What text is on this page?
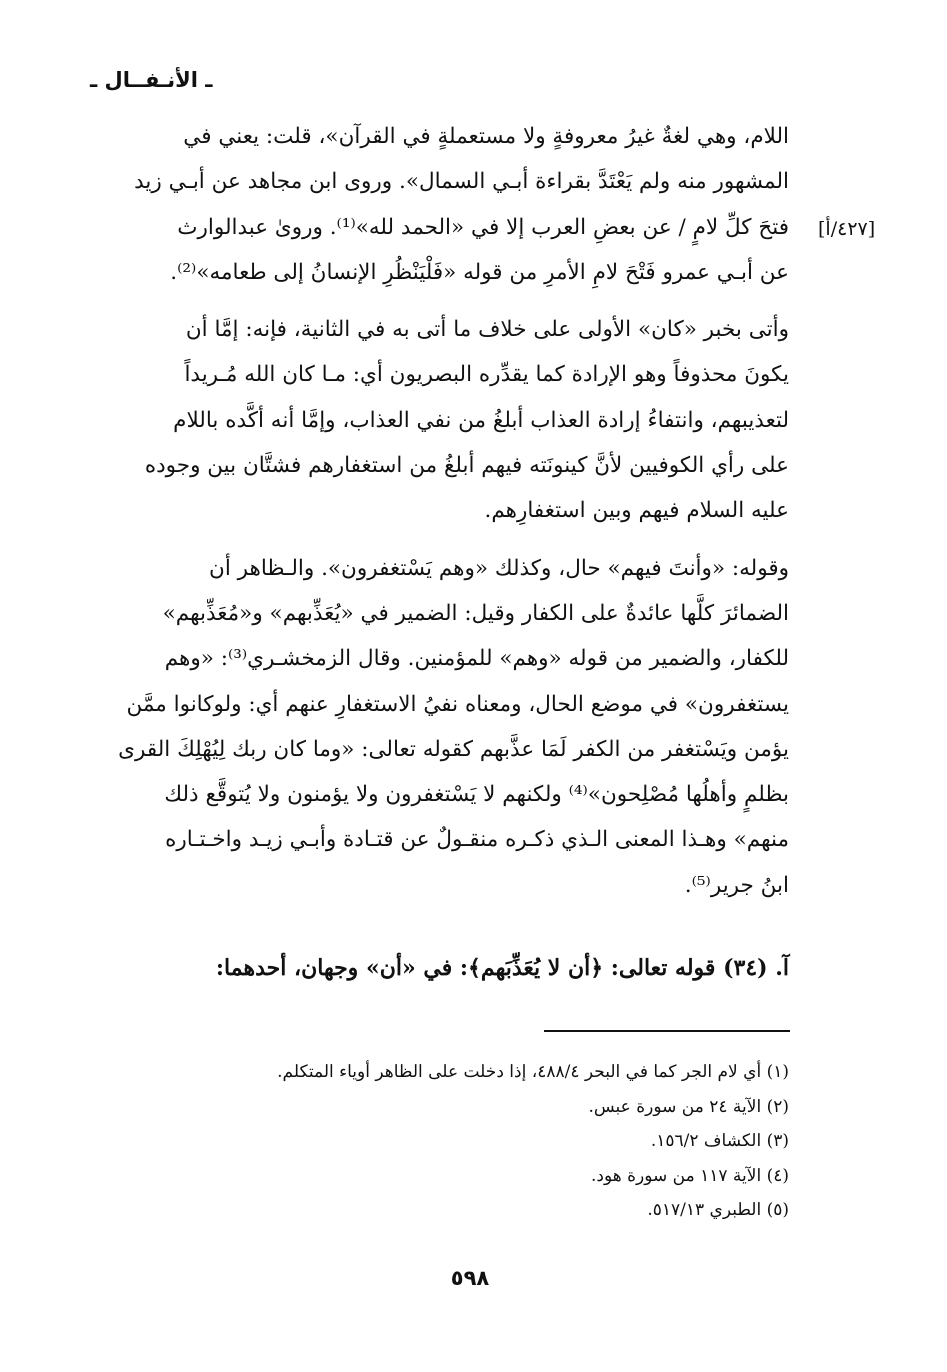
ـ الأنـفــال ـ
[٤٢٧/أ]
اللام، وهي لغةٌ غيرُ معروفةٍ ولا مستعملةٍ في القرآن»، قلت: يعني في
المشهور منه ولم يَعْتَدَّ بقراءة أبـي السمال». وروى ابن مجاهد عن أبـي زيد
فتحَ كلِّ لامٍ / عن بعضِ العرب إلا في «الحمد لله»⁽¹⁾. وروىٰ عبدالوارث
عن أبـي عمرو فَتْحَ لامِ الأمرِ من قوله «فَلْيَنْظُرِ الإنسانُ إلى طعامه»⁽²⁾.
وأتى بخبر «كان» الأولى على خلاف ما أتى به في الثانية، فإنه: إمَّا أن
يكونَ محذوفاً وهو الإرادة كما يقدِّره البصريون أي: مـا كان الله مُـريداً
لتعذيبهم، وانتفاءُ إرادة العذاب أبلغُ من نفي العذاب، وإمَّا أنه أكَّده باللام
على رأي الكوفيين لأنَّ كينونَته فيهم أبلغُ من استغفارهم فشتَّان بين وجوده
عليه السلام فيهم وبين استغفارِهم.
وقوله: «وأنتَ فيهم» حال، وكذلك «وهم يَسْتغفرون». والـظاهر أن
الضمائرَ كلَّها عائدةٌ على الكفار وقيل: الضمير في «يُعَذِّبهم» و«مُعَذِّبهم»
للكفار، والضمير من قوله «وهم» للمؤمنين. وقال الزمخشـري⁽³⁾: «وهم
يستغفرون» في موضع الحال، ومعناه نفيُ الاستغفارِ عنهم أي: ولوكانوا ممَّن
يؤمن ويَسْتغفر من الكفر لَمَا عذَّبهم كقوله تعالى: «وما كان ربك لِيُهْلِكَ القرى
بظلمٍ وأهلُها مُصْلِحون»⁽⁴⁾ ولكنهم لا يَسْتغفرون ولا يؤمنون ولا يُتوقَّع ذلك
منهم» وهـذا المعنى الـذي ذكـره منقـولٌ عن قتـادة وأبـي زيـد واخـتـاره
ابنُ جرير⁽⁵⁾.
آ. (٣٤) قوله تعالى: ﴿أن لا يُعَذِّبَهم﴾: في «أن» وجهان، أحدهما:
(١) أي لام الجر كما في البحر ٤٨٨/٤، إذا دخلت على الظاهر أوياء المتكلم.
(٢) الآية ٢٤ من سورة عبس.
(٣) الكشاف ١٥٦/٢.
(٤) الآية ١١٧ من سورة هود.
(٥) الطبري ٥١٧/١٣.
٥٩٨
